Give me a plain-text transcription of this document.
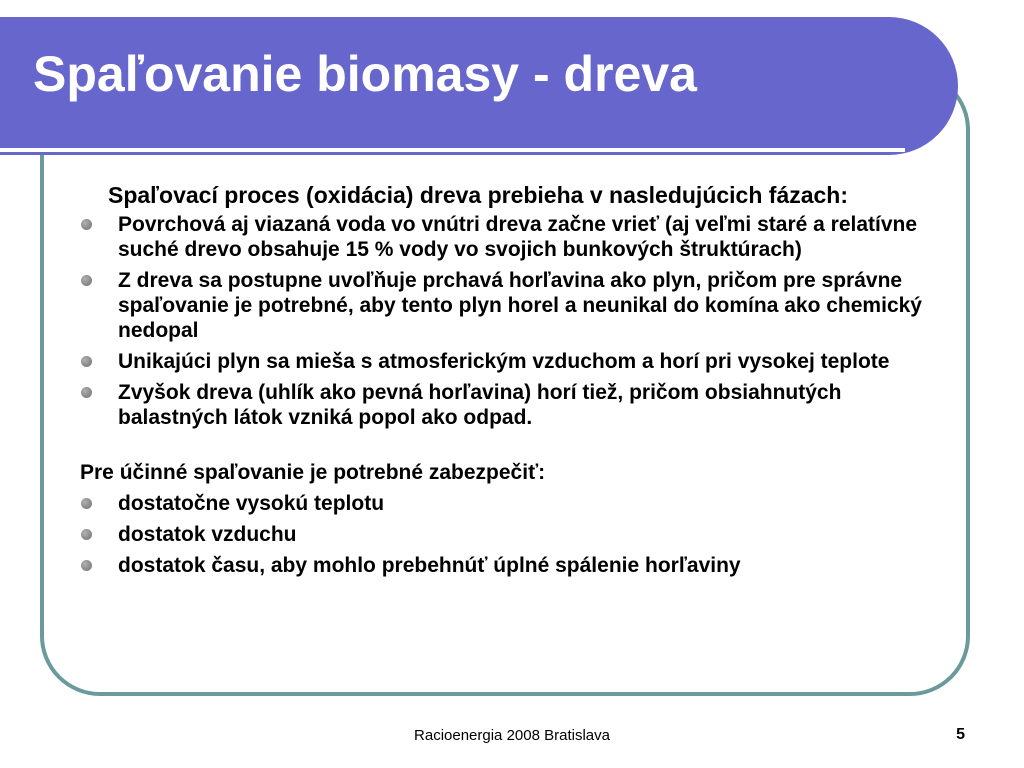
Spaľovanie biomasy - dreva

Spaľovací proces (oxidácia) dreva prebieha v nasledujúcich fázach:

Povrchová aj viazaná voda vo vnútri dreva začne vrieť (aj veľmi staré a relatívne suché drevo obsahuje 15 % vody vo svojich bunkových štruktúrach)
Z dreva sa postupne uvoľňuje prchavá horľavina ako plyn, pričom pre správne spaľovanie je potrebné, aby tento plyn horel a neunikal do komína ako chemický nedopal
Unikajúci plyn sa mieša s atmosferickým vzduchom a horí pri vysokej teplote
Zvyšok dreva (uhlík ako pevná horľavina) horí tiež, pričom obsiahnutých balastných látok vzniká popol ako odpad.

Pre účinné spaľovanie je potrebné zabezpečiť:

dostatočne vysokú teplotu
dostatok vzduchu
dostatok času, aby mohlo prebehnúť úplné spálenie horľaviny
Racioenergia 2008 Bratislava	5
